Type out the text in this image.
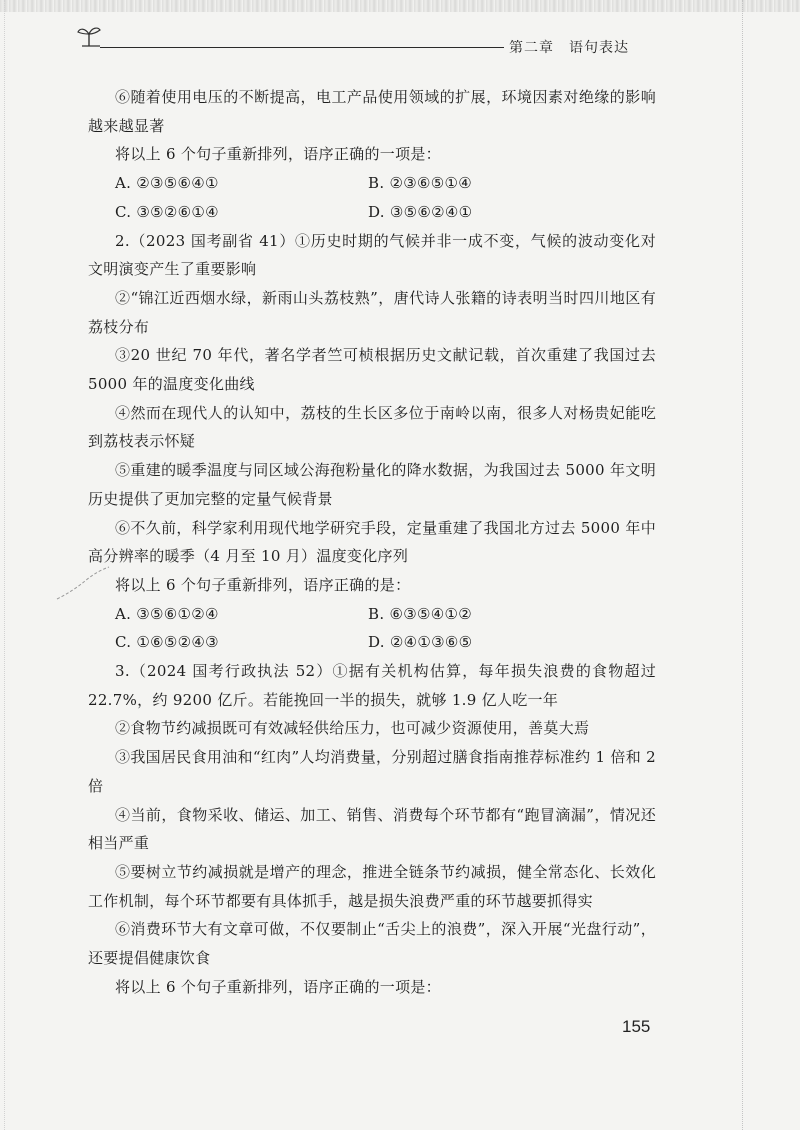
第二章　语句表达

⑥随着使用电压的不断提高，电工产品使用领域的扩展，环境因素对绝缘的影响越来越显著

将以上 6 个句子重新排列，语序正确的一项是：

A. ②③⑤⑥④①	B. ②③⑥⑤①④
C. ③⑤②⑥①④	D. ③⑤⑥②④①

2.（2023 国考副省 41）①历史时期的气候并非一成不变，气候的波动变化对文明演变产生了重要影响

②“锦江近西烟水绿，新雨山头荔枝熟”，唐代诗人张籍的诗表明当时四川地区有荔枝分布

③20 世纪 70 年代，著名学者竺可桢根据历史文献记载，首次重建了我国过去 5000 年的温度变化曲线

④然而在现代人的认知中，荔枝的生长区多位于南岭以南，很多人对杨贵妃能吃到荔枝表示怀疑

⑤重建的暖季温度与同区域公海孢粉量化的降水数据，为我国过去 5000 年文明历史提供了更加完整的定量气候背景

⑥不久前，科学家利用现代地学研究手段，定量重建了我国北方过去 5000 年中高分辨率的暖季（4 月至 10 月）温度变化序列

将以上 6 个句子重新排列，语序正确的是：

A. ③⑤⑥①②④	B. ⑥③⑤④①②
C. ①⑥⑤②④③	D. ②④①③⑥⑤

3.（2024 国考行政执法 52）①据有关机构估算，每年损失浪费的食物超过 22.7%，约 9200 亿斤。若能挽回一半的损失，就够 1.9 亿人吃一年

②食物节约减损既可有效减轻供给压力，也可减少资源使用，善莫大焉

③我国居民食用油和“红肉”人均消费量，分别超过膳食指南推荐标准约 1 倍和 2 倍

④当前，食物采收、储运、加工、销售、消费每个环节都有“跑冒滴漏”，情况还相当严重

⑤要树立节约减损就是增产的理念，推进全链条节约减损，健全常态化、长效化工作机制，每个环节都要有具体抓手，越是损失浪费严重的环节越要抓得实

⑥消费环节大有文章可做，不仅要制止“舌尖上的浪费”，深入开展“光盘行动”，还要提倡健康饮食

将以上 6 个句子重新排列，语序正确的一项是：

155
